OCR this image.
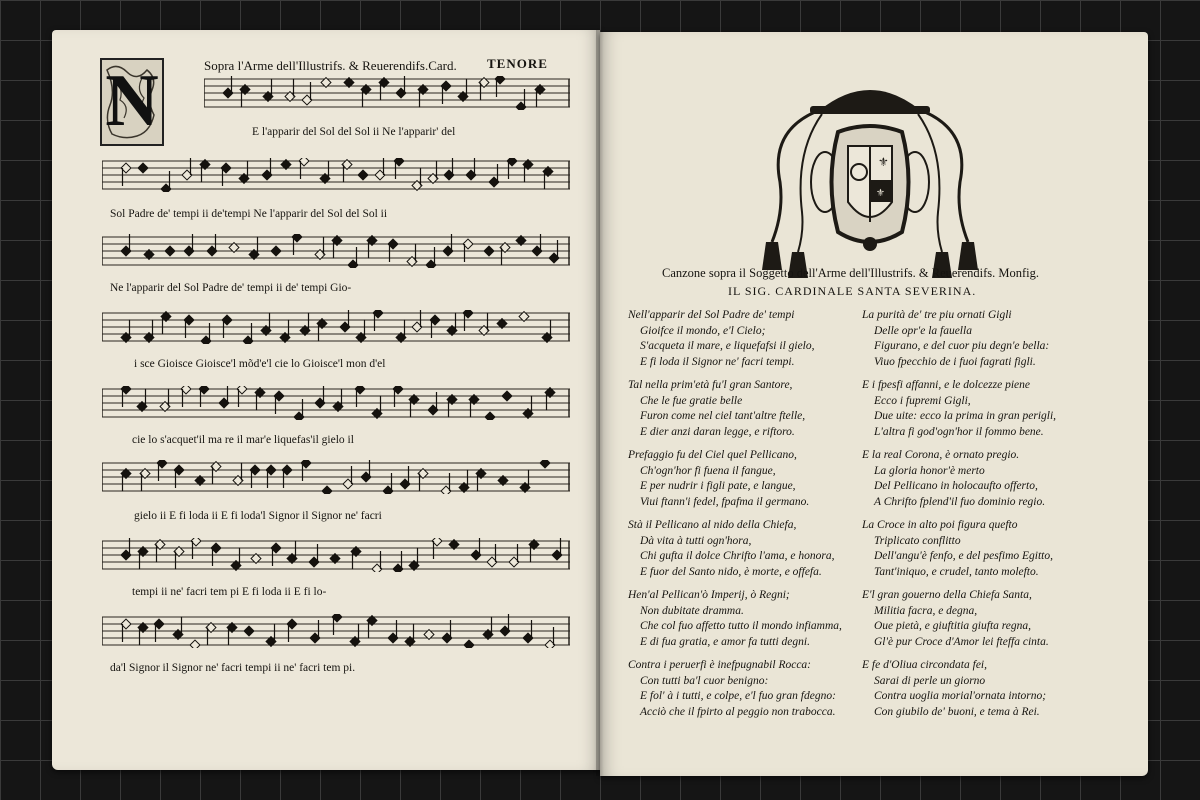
N	Sopra l'Arme dell'Illustrifs. & Reuerendifs.Card. TENORE
E l'apparir del Sol del Sol ii Ne l'apparir' del
Sol Padre de' tempi ii de'tempi Ne l'apparir del Sol del Sol ii
Ne l'apparir del Sol Padre de' tempi ii de' tempi Gio-
i sce Gioisce Gioisce'l mõd'e'l cie lo Gioisce'l mon d'el
cie lo s'acquet'il ma re il mar'e liquefas'il gielo il
gielo ii E fi loda ii E fi loda'l Signor il Signor ne' facri
tempi ii ne' facri tem pi E fi loda ii E fi lo-
da'l Signor il Signor ne' facri tempi ii ne' facri tem pi.
⚜
⚜
Canzone sopra il Soggetto dell'Arme dell'Illustrifs. & Reuerendifs. Monfig.
IL SIG. CARDINALE SANTA SEVERINA.
Nell'apparir del Sol Padre de' tempi
Gioifce il mondo, e'l Cielo;
S'acqueta il mare, e liquefafsi il gielo,
E fi loda il Signor ne' facri tempi.
Tal nella prim'età fu'l gran Santore,
Che le fue gratie belle
Furon come nel ciel tant'altre ftelle,
E dier anzi daran legge, e riftoro.
Prefaggio fu del Ciel quel Pellicano,
Ch'ogn'hor fi fuena il fangue,
E per nudrir i figli pate, e langue,
Viui ftann'i fedel, fpafma il germano.
Stà il Pellicano al nido della Chiefa,
Dà vita à tutti ogn'hora,
Chi gufta il dolce Chrifto l'ama, e honora,
E fuor del Santo nido, è morte, e offefa.
Hen'al Pellican'ò Imperij, ò Regni;
Non dubitate dramma.
Che col fuo affetto tutto il mondo infiamma,
E di fua gratia, e amor fa tutti degni.
Contra i peruerfi è inefpugnabil Rocca:
Con tutti ba'l cuor benigno:
E fol' à i tutti, e colpe, e'l fuo gran fdegno:
Acciò che il fpirto al peggio non trabocca.
La purità de' tre piu ornati Gigli
Delle opr'e la fauella
Figurano, e del cuor piu degn'e bella:
Viuo fpecchio de i fuoi fagrati figli.
E i fpesfi affanni, e le dolcezze piene
Ecco i fupremi Gigli,
Due uite: ecco la prima in gran perigli,
L'altra fi god'ogn'hor il fommo bene.
E la real Corona, è ornato pregio.
La gloria honor'è merto
Del Pellicano in holocaufto offerto,
A Chrifto fplend'il fuo dominio regio.
La Croce in alto poi figura quefto
Triplicato conflitto
Dell'angu'è fenfo, e del pesfimo Egitto,
Tant'iniquo, e crudel, tanto molefto.
E'l gran gouerno della Chiefa Santa,
Militia facra, e degna,
Oue pietà, e giuftitia giufta regna,
Gl'è pur Croce d'Amor lei fteffa cinta.
E fe d'Oliua circondata fei,
Sarai di perle un giorno
Contra uoglia morial'ornata intorno;
Con giubilo de' buoni, e tema à Rei.
